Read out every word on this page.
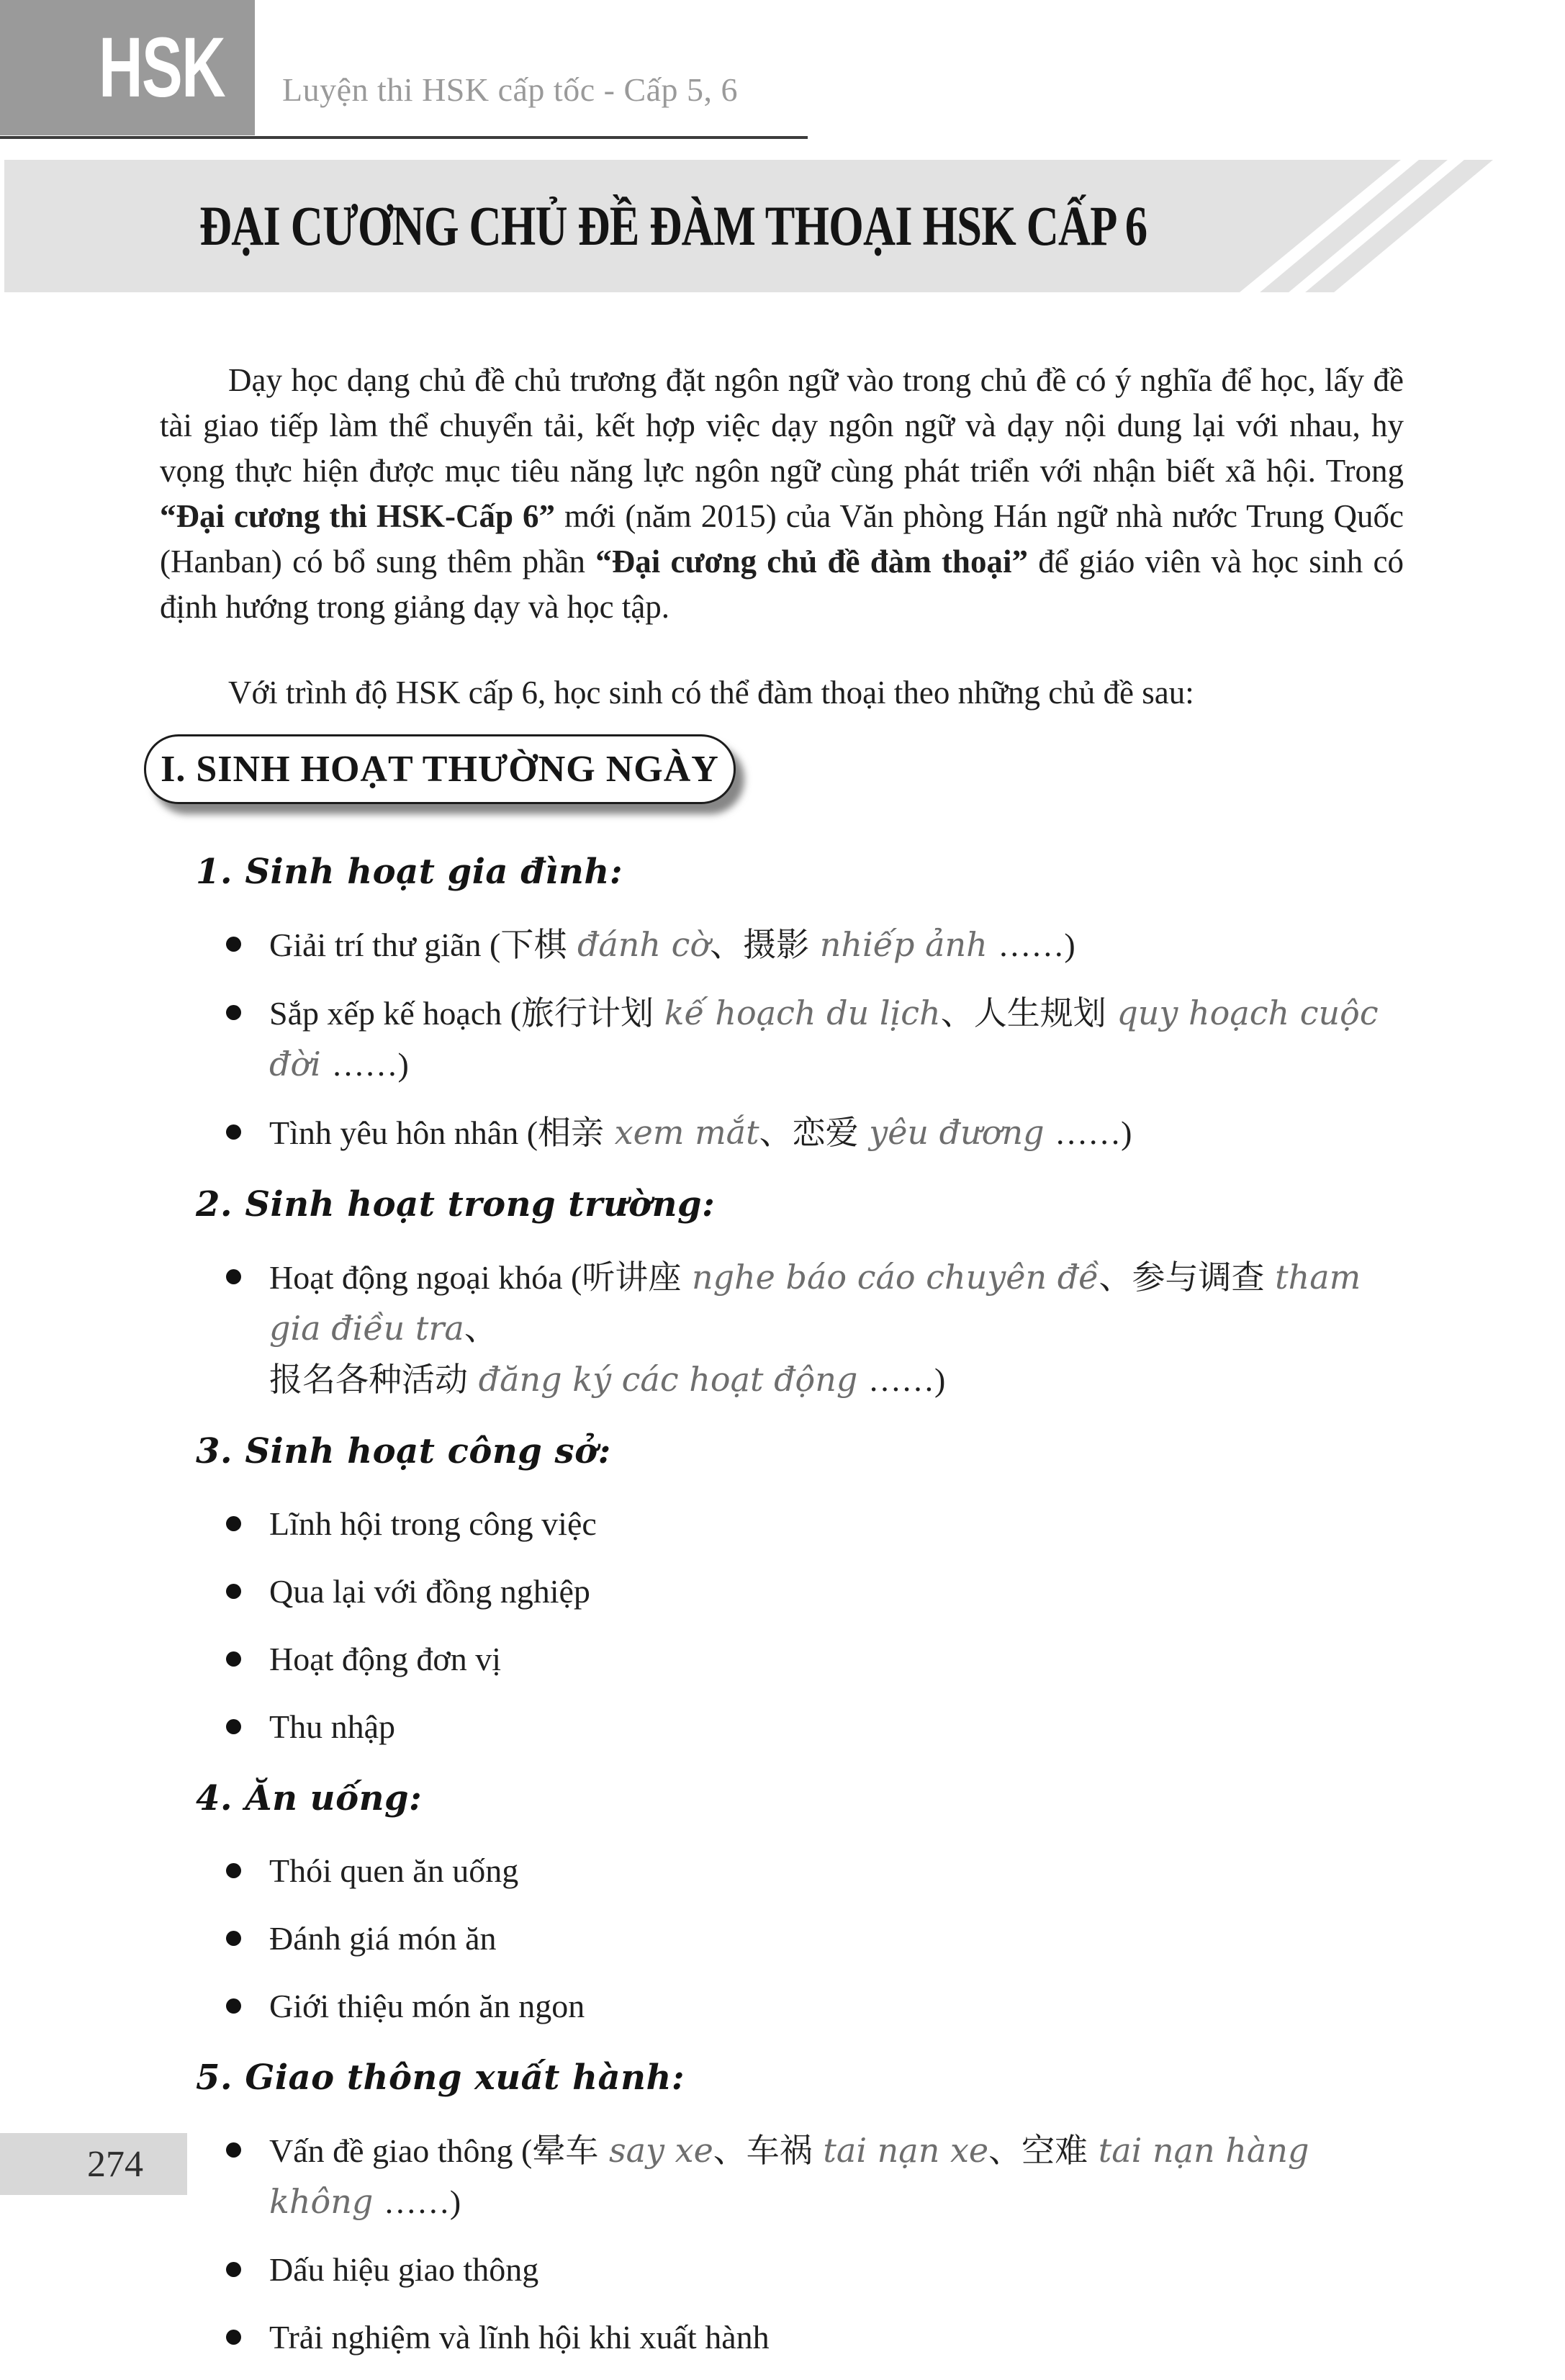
HSK Luyện thi HSK cấp tốc - Cấp 5, 6
ĐẠI CƯƠNG CHỦ ĐỀ ĐÀM THOẠI HSK CẤP 6

Dạy học dạng chủ đề chủ trương đặt ngôn ngữ vào trong chủ đề có ý nghĩa để học, lấy đề tài giao tiếp làm thể chuyển tải, kết hợp việc dạy ngôn ngữ và dạy nội dung lại với nhau, hy vọng thực hiện được mục tiêu năng lực ngôn ngữ cùng phát triển với nhận biết xã hội. Trong “Đại cương thi HSK-Cấp 6” mới (năm 2015) của Văn phòng Hán ngữ nhà nước Trung Quốc (Hanban) có bổ sung thêm phần “Đại cương chủ đề đàm thoại” để giáo viên và học sinh có định hướng trong giảng dạy và học tập.

Với trình độ HSK cấp 6, học sinh có thể đàm thoại theo những chủ đề sau:

I. SINH HOẠT THƯỜNG NGÀY
1. Sinh hoạt gia đình:
Giải trí thư giãn (下棋 đánh cờ、摄影 nhiếp ảnh ……)
Sắp xếp kế hoạch (旅行计划 kế hoạch du lịch、人生规划 quy hoạch cuộc đời ……)
Tình yêu hôn nhân (相亲 xem mắt、恋爱 yêu đương ……)
2. Sinh hoạt trong trường:
Hoạt động ngoại khóa (听讲座 nghe báo cáo chuyên đề、参与调查 tham gia điều tra、
报名各种活动 đăng ký các hoạt động ……)
3. Sinh hoạt công sở:
Lĩnh hội trong công việc
Qua lại với đồng nghiệp
Hoạt động đơn vị
Thu nhập
4. Ăn uống:
Thói quen ăn uống
Đánh giá món ăn
Giới thiệu món ăn ngon
5. Giao thông xuất hành:
Vấn đề giao thông (晕车 say xe、车祸 tai nạn xe、空难 tai nạn hàng không ……)
Dấu hiệu giao thông
Trải nghiệm và lĩnh hội khi xuất hành
274
